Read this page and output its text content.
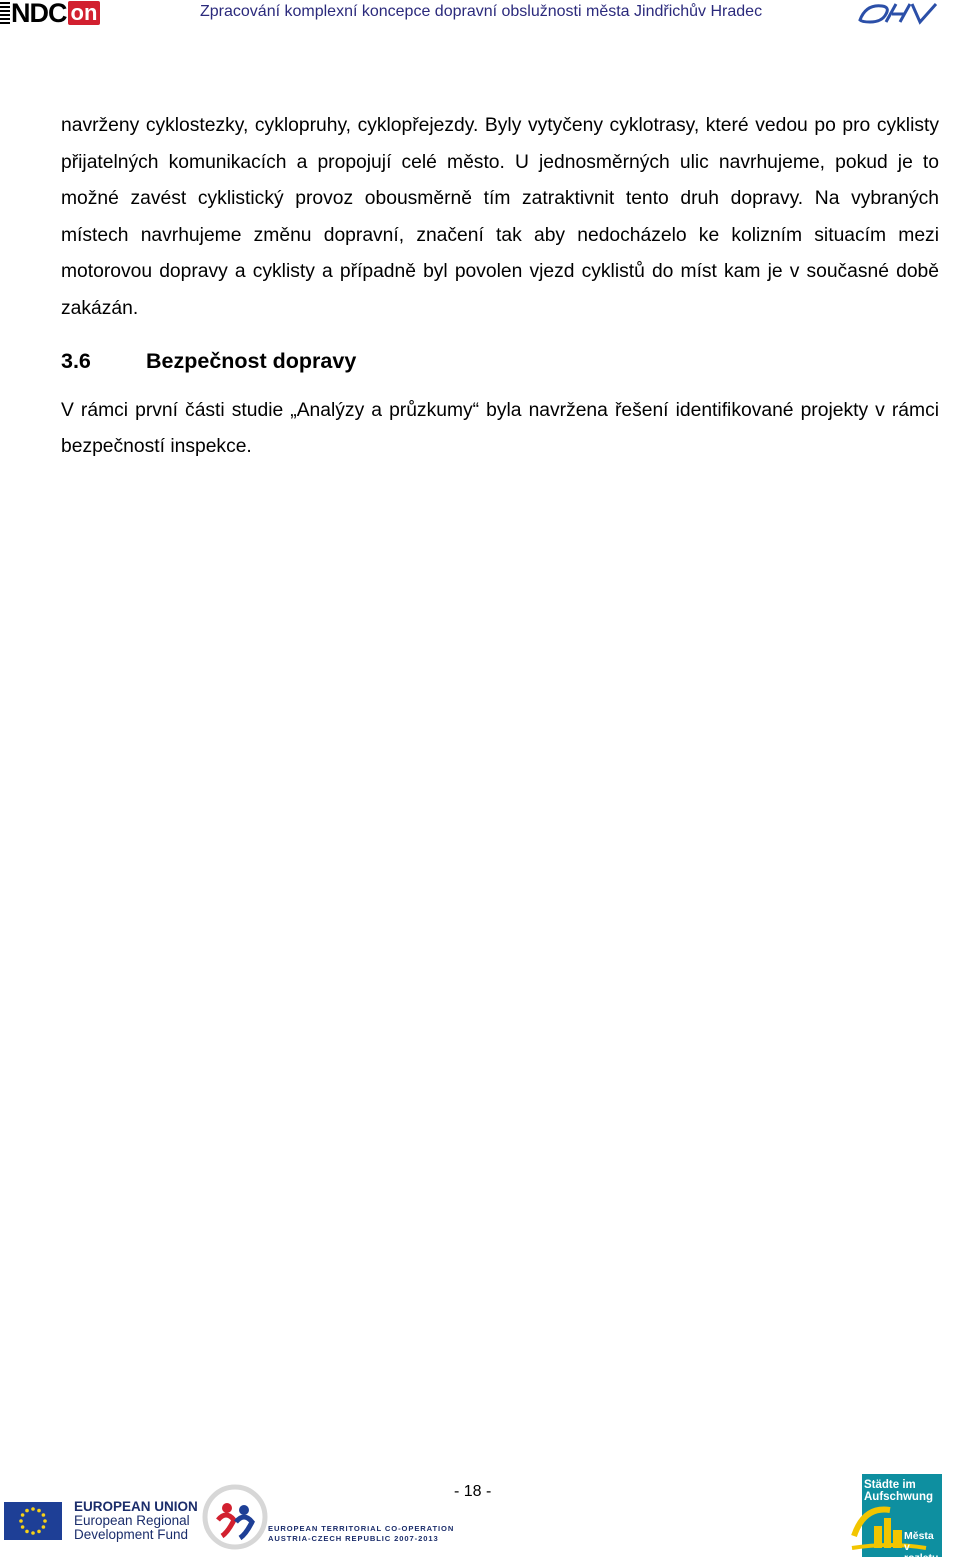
NDC on	Zpracování komplexní koncepce dopravní obslužnosti města Jindřichův Hradec

navrženy cyklostezky, cyklopruhy, cyklopřejezdy. Byly vytyčeny cyklotrasy, které vedou po pro cyklisty přijatelných komunikacích a propojují celé město. U jednosměrných ulic navrhujeme, pokud je to možné zavést cyklistický provoz obousměrně tím zatraktivnit tento druh dopravy. Na vybraných místech navrhujeme změnu dopravní, značení tak aby nedocházelo ke kolizním situacím mezi motorovou dopravy a cyklisty a případně byl povolen vjezd cyklistů do míst kam je v současné době zakázán.

3.6	Bezpečnost dopravy

V rámci první části studie „Analýzy a průzkumy“ byla navržena řešení identifikované projekty v rámci bezpečností inspekce.

- 18 -
EUROPEAN UNION
European Regional
Development Fund	EUROPEAN TERRITORIAL CO-OPERATION
AUSTRIA-CZECH REPUBLIC 2007-2013
Städte im Aufschwung
Města v rozletu
